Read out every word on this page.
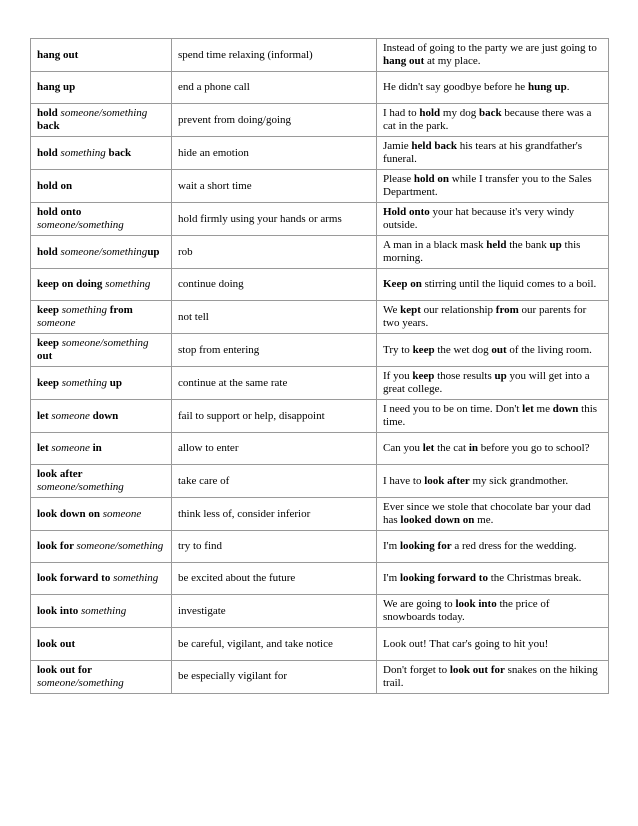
hang out	spend time relaxing (informal)	Instead of going to the party we are just going to hang out at my place.
hang up	end a phone call	He didn't say goodbye before he hung up.
hold someone/something back	prevent from doing/going	I had to hold my dog back because there was a cat in the park.
hold something back	hide an emotion	Jamie held back his tears at his grandfather's funeral.
hold on	wait a short time	Please hold on while I transfer you to the Sales Department.
hold onto someone/something	hold firmly using your hands or arms	Hold onto your hat because it's very windy outside.
hold someone/somethingup	rob	A man in a black mask held the bank up this morning.
keep on doing something	continue doing	Keep on stirring until the liquid comes to a boil.
keep something from someone	not tell	We kept our relationship from our parents for two years.
keep someone/something out	stop from entering	Try to keep the wet dog out of the living room.
keep something up	continue at the same rate	If you keep those results up you will get into a great college.
let someone down	fail to support or help, disappoint	I need you to be on time. Don't let me down this time.
let someone in	allow to enter	Can you let the cat in before you go to school?
look after someone/something	take care of	I have to look after my sick grandmother.
look down on someone	think less of, consider inferior	Ever since we stole that chocolate bar your dad has looked down on me.
look for someone/something	try to find	I'm looking for a red dress for the wedding.
look forward to something	be excited about the future	I'm looking forward to the Christmas break.
look into something	investigate	We are going to look into the price of snowboards today.
look out	be careful, vigilant, and take notice	Look out! That car's going to hit you!
look out for someone/something	be especially vigilant for	Don't forget to look out for snakes on the hiking trail.
